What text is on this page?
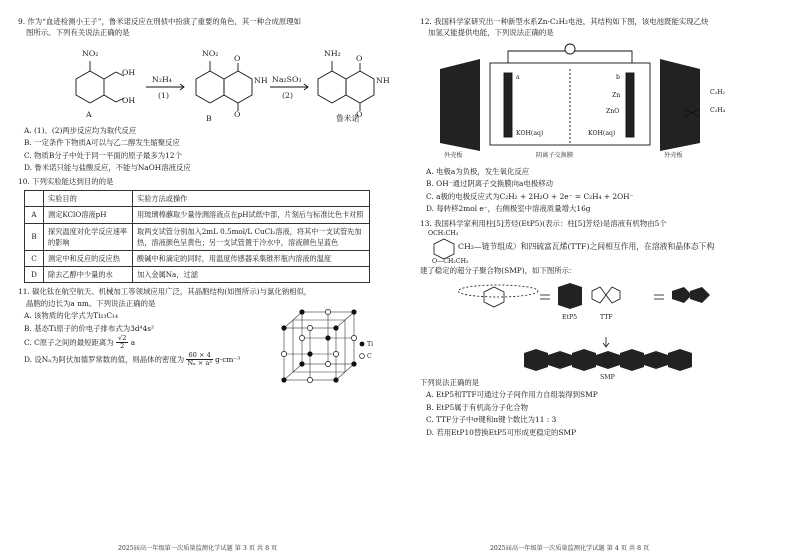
9. 作为“血迹检测小王子”，鲁米诺反应在刑侦中扮演了重要的角色，其一种合成原理如

图所示。下列有关说法正确的是

NO₂
OH
OH
A
N₂H₄
(1)
NO₂
O
NH
O
B
Na₂SO₃
(2)
NH₂
O
NH
O
鲁米诺

A. (1)、(2)两步反应均为取代反应

B. 一定条件下物质A可以与乙二醇发生缩聚反应

C. 物质B分子中处于同一平面的原子最多为12个

D. 鲁米诺只能与盐酸反应，不能与NaOH溶液反应

10. 下列实验能达到目的的是

	实验目的	实验方法或操作
A	测定KClO溶液pH	用玻璃棒蘸取少量待测溶液点在pH试纸中部，片刻后与标准比色卡对照
B	探究温度对化学反应速率的影响	取两支试管分别加入2mL 0.5mol/L CuCl₂溶液，将其中一支试管先加热，溶液颜色呈黄色；另一支试管置于冷水中，溶液颜色呈蓝色
C	测定中和反应的反应热	酸碱中和滴定的同时，用温度传感器采集锥形瓶内溶液的温度
D	除去乙醇中少量的水	加入金属Na，过滤

11. 碳化钛在航空航天、机械加工等领域应用广泛，其晶胞结构(如图所示)与氯化钠相似，

晶胞的边长为a nm。下列说法正确的是

A. 该物质的化学式为Ti₁₃C₁₄

B. 基态Ti原子的价电子排布式为3d⁴4s²

C. C原子之间的最短距离为 $\frac{√2}{2}$ a

D. 设Nₐ为阿伏加德罗常数的值，则晶体的密度为 $\frac{60 \times 4}{\text{Nₐ × a³}} g\cdot cm^{-3}$

Ti
C
2025届高一年级第一次质量监测化学试题 第 3 页 共 8 页

12. 我国科学家研究出一种新型水系Zn-C₂H₂电池，其结构如下图，该电池既能实现乙炔

加氢又能提供电能，下列说法正确的是

a	b
Zn
ZnO
KOH(aq)	KOH(aq)
外壳板	阴离子交换膜	外壳板
C₂H₂
C₂H₄

A. 电极a为负极，发生氧化反应

B. OH⁻通过阴离子交换膜向a电极移动

C. a极的电极反应式为C₂H₂ + 2H₂O + 2e⁻ = C₂H₄ + 2OH⁻

D. 每转移2mol e⁻，右侧极室中溶液质量增大16g

13. 我国科学家利用柱[5]芳烃(EtP5)(表示：柱[5]芳烃)是溶液有机物由5个

OCH₂CH₃
CH₂—链节组成）和四硫富瓦烯(TTF)之间相互作用，在溶液和晶体态下构
O—CH₂CH₃

建了稳定的超分子聚合物(SMP)，如下图所示：

EtP5	TTF
SMP

下列说法正确的是

A. EtP5和TTF可通过分子间作用力自组装得到SMP

B. EtP5属于有机高分子化合物

C. TTF分子中σ键和π键个数比为11 : 3

D. 若用EtP10替换EtP5可形成更稳定的SMP

2025届高一年级第一次质量监测化学试题 第 4 页 共 8 页
